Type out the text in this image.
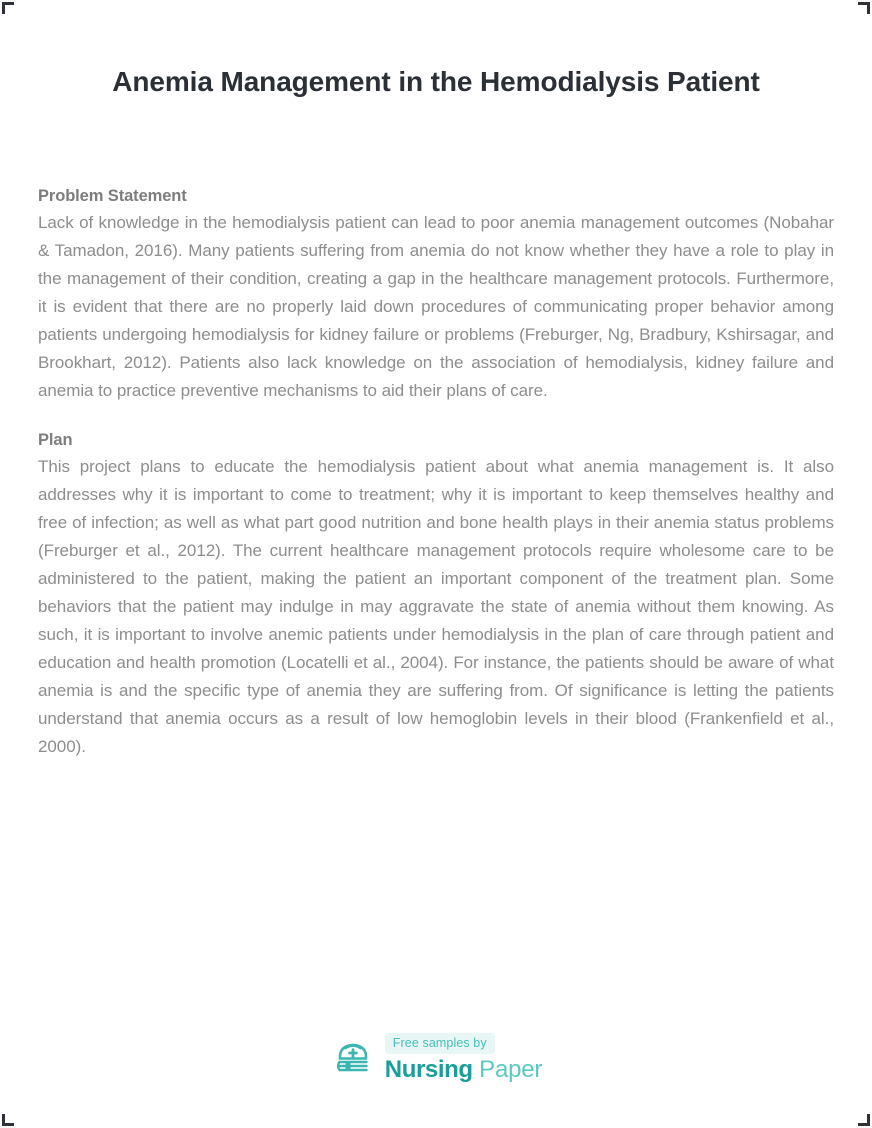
Anemia Management in the Hemodialysis Patient
Problem Statement

Lack of knowledge in the hemodialysis patient can lead to poor anemia management outcomes (Nobahar & Tamadon, 2016). Many patients suffering from anemia do not know whether they have a role to play in the management of their condition, creating a gap in the healthcare management protocols. Furthermore, it is evident that there are no properly laid down procedures of communicating proper behavior among patients undergoing hemodialysis for kidney failure or problems (Freburger, Ng, Bradbury, Kshirsagar, and Brookhart, 2012). Patients also lack knowledge on the association of hemodialysis, kidney failure and anemia to practice preventive mechanisms to aid their plans of care.

Plan

This project plans to educate the hemodialysis patient about what anemia management is. It also addresses why it is important to come to treatment; why it is important to keep themselves healthy and free of infection; as well as what part good nutrition and bone health plays in their anemia status problems (Freburger et al., 2012). The current healthcare management protocols require wholesome care to be administered to the patient, making the patient an important component of the treatment plan. Some behaviors that the patient may indulge in may aggravate the state of anemia without them knowing. As such, it is important to involve anemic patients under hemodialysis in the plan of care through patient and education and health promotion (Locatelli et al., 2004). For instance, the patients should be aware of what anemia is and the specific type of anemia they are suffering from. Of significance is letting the patients understand that anemia occurs as a result of low hemoglobin levels in their blood (Frankenfield et al., 2000).

Free samples by
Nursing Paper
